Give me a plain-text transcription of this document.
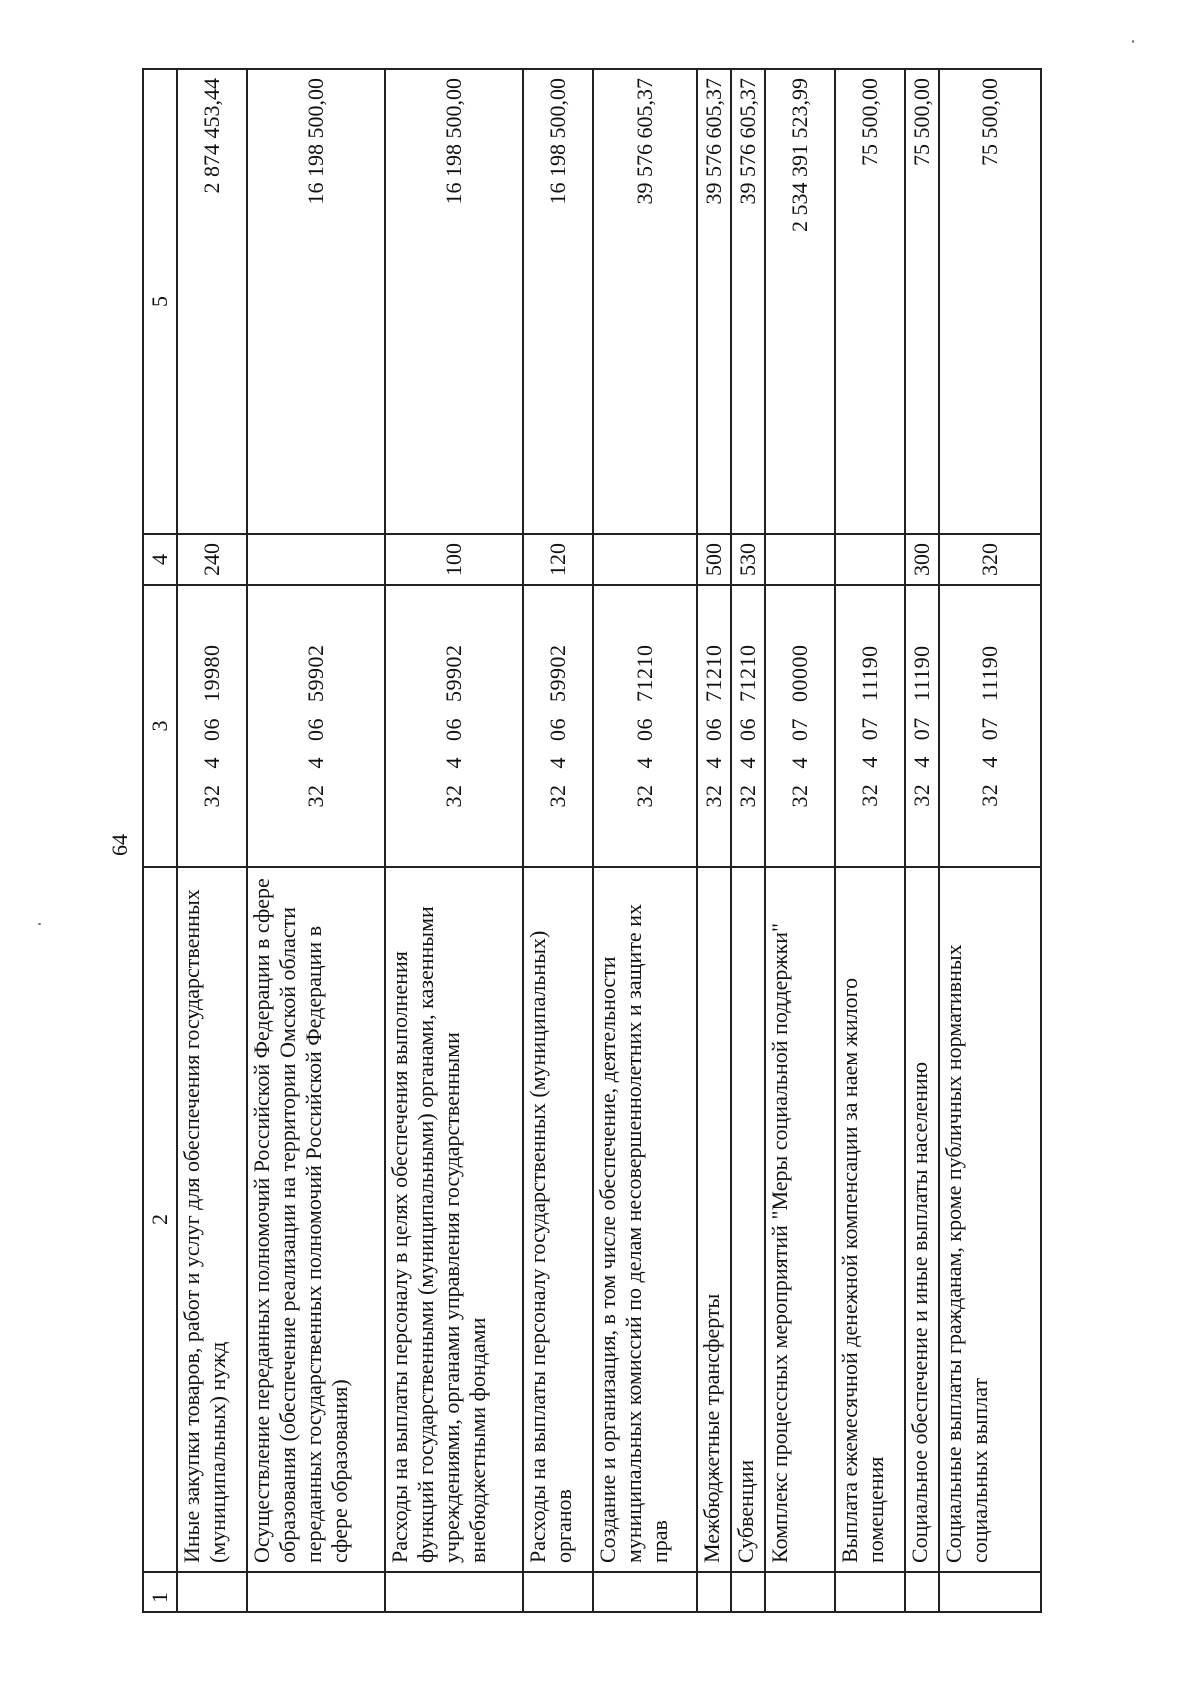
64
1	2	3	4	5
	Иные закупки товаров, работ и услуг для обеспечения государственных (муниципальных) нужд	32 4 06 19980	240	2 874 453,44
	Осуществление переданных полномочий Российской Федерации в сфере образования (обеспечение реализации на территории Омской области переданных государственных полномочий Российской Федерации в сфере образования)	32 4 06 59902		16 198 500,00
	Расходы на выплаты персоналу в целях обеспечения выполнения функций государственными (муниципальными) органами, казенными учреждениями, органами управления государственными внебюджетными фондами	32 4 06 59902	100	16 198 500,00
	Расходы на выплаты персоналу государственных (муниципальных) органов	32 4 06 59902	120	16 198 500,00
	Создание и организация, в том числе обеспечение, деятельности муниципальных комиссий по делам несовершеннолетних и защите их прав	32 4 06 71210		39 576 605,37
	Межбюджетные трансферты	32 4 06 71210	500	39 576 605,37
	Субвенции	32 4 06 71210	530	39 576 605,37
	Комплекс процессных мероприятий "Меры социальной поддержки"	32 4 07 00000		2 534 391 523,99
	Выплата ежемесячной денежной компенсации за наем жилого помещения	32 4 07 11190		75 500,00
	Социальное обеспечение и иные выплаты населению	32 4 07 11190	300	75 500,00
	Социальные выплаты гражданам, кроме публичных нормативных социальных выплат	32 4 07 11190	320	75 500,00
